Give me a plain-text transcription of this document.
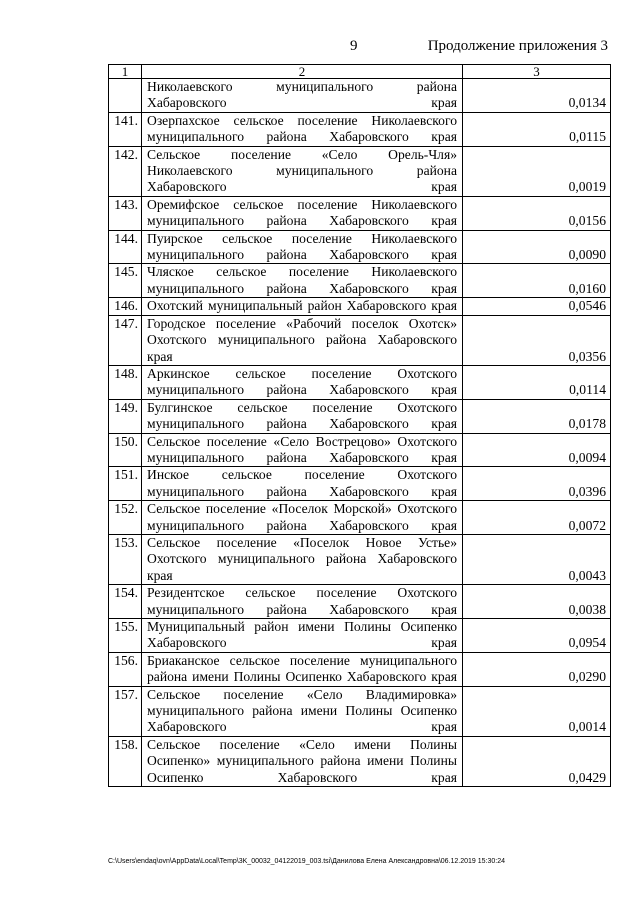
9	Продолжение приложения 3
1	2	3
	Николаевского муниципального района Хабаровского края	0,0134
141.	Озерпахское сельское поселение Николаевского муниципального района Хабаровского края	0,0115
142.	Сельское поселение «Село Орель-Чля» Николаевского муниципального района Хабаровского края	0,0019
143.	Оремифское сельское поселение Николаевского муниципального района Хабаровского края	0,0156
144.	Пуирское сельское поселение Николаевского муниципального района Хабаровского края	0,0090
145.	Чляское сельское поселение Николаевского муниципального района Хабаровского края	0,0160
146.	Охотский муниципальный район Хабаровского края	0,0546
147.	Городское поселение «Рабочий поселок Охотск» Охотского муниципального района Хабаровского края	0,0356
148.	Аркинское сельское поселение Охотского муниципального района Хабаровского края	0,0114
149.	Булгинское сельское поселение Охотского муниципального района Хабаровского края	0,0178
150.	Сельское поселение «Село Вострецово» Охотского муниципального района Хабаровского края	0,0094
151.	Инское сельское поселение Охотского муниципального района Хабаровского края	0,0396
152.	Сельское поселение «Поселок Морской» Охотского муниципального района Хабаровского края	0,0072
153.	Сельское поселение «Поселок Новое Устье» Охотского муниципального района Хабаровского края	0,0043
154.	Резидентское сельское поселение Охотского муниципального района Хабаровского края	0,0038
155.	Муниципальный район имени Полины Осипенко Хабаровского края	0,0954
156.	Бриаканское сельское поселение муниципального района имени Полины Осипенко Хабаровского края	0,0290
157.	Сельское поселение «Село Владимировка» муниципального района имени Полины Осипенко Хабаровского края	0,0014
158.	Сельское поселение «Село имени Полины Осипенко» муниципального района имени Полины Осипенко Хабаровского края	0,0429
C:\Users\endaq\ovn\AppData\Local\Temp\3K_00032_04122019_003.tsi\Данилова Елена Александровна\06.12.2019 15:30:24
